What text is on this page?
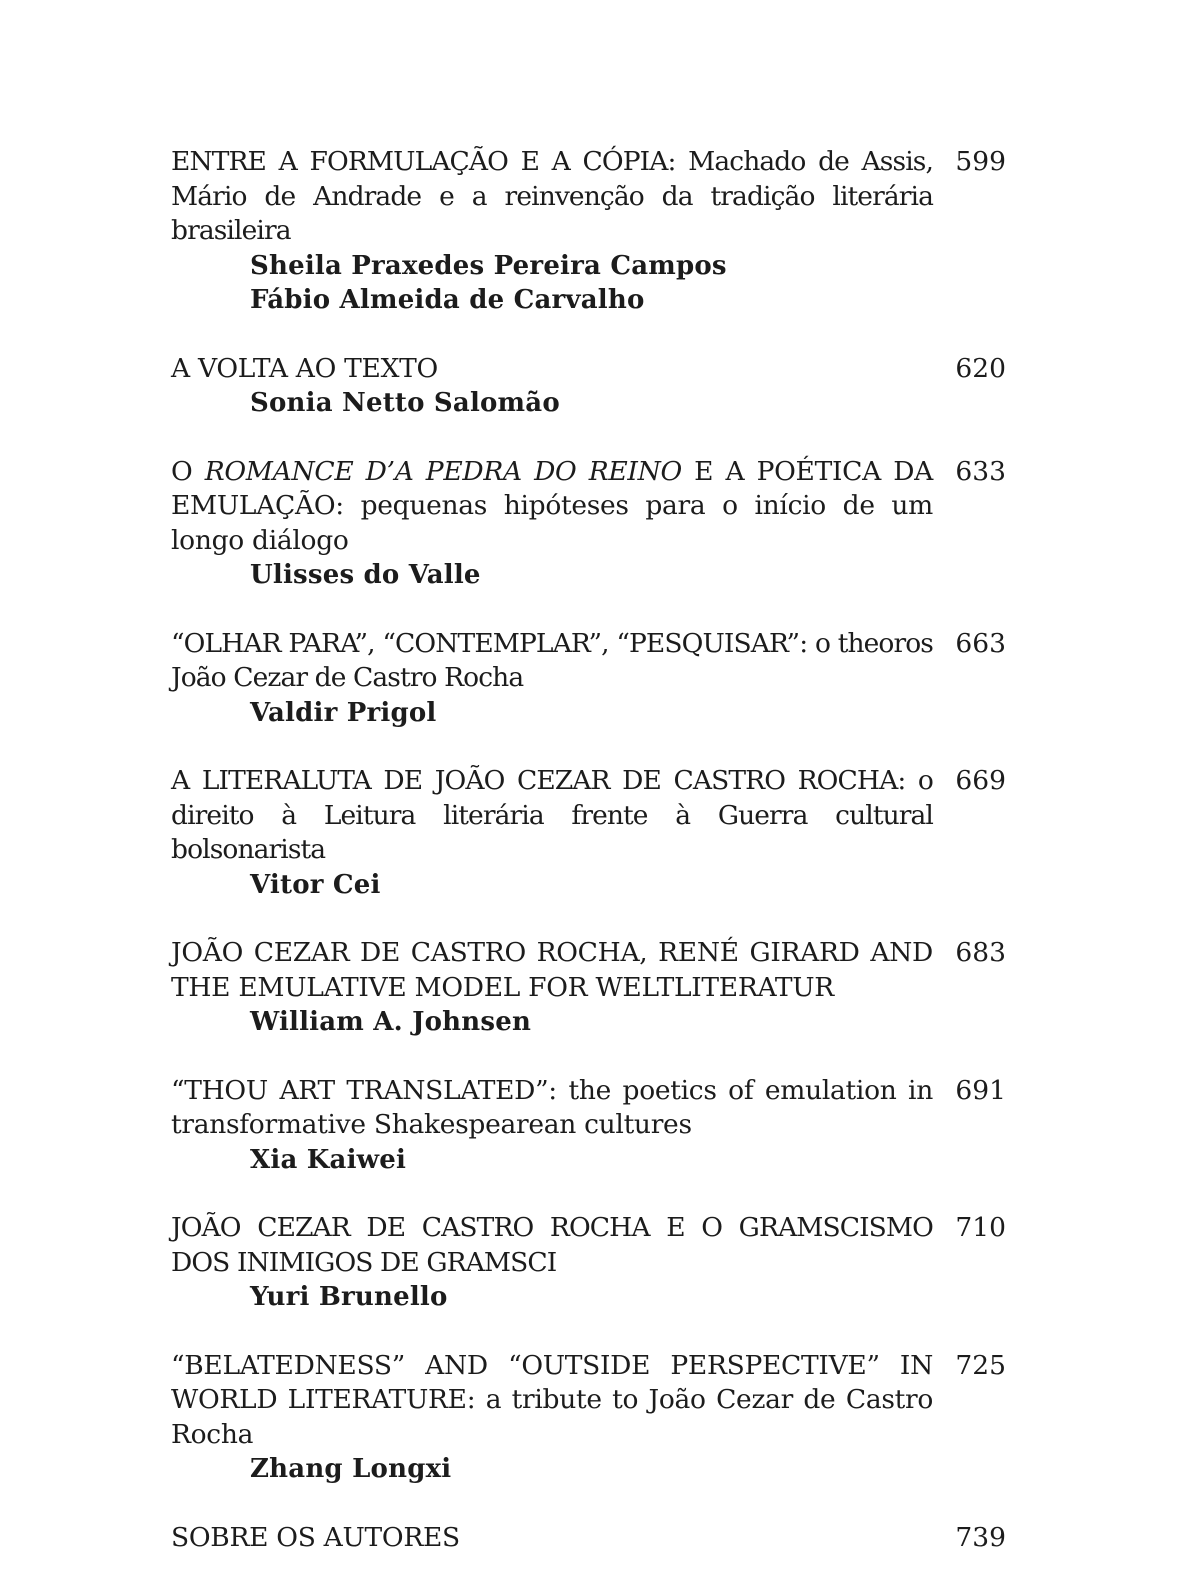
ENTRE A FORMULAÇÃO E A CÓPIA: Machado de Assis, Mário de Andrade e a reinvenção da tradição literária brasileira
599
Sheila Praxedes Pereira Campos
Fábio Almeida de Carvalho
A VOLTA AO TEXTO	620
Sonia Netto Salomão
O ROMANCE D’A PEDRA DO REINO E A POÉTICA DA EMULAÇÃO: pequenas hipóteses para o início de um longo diálogo
633
Ulisses do Valle
“OLHAR PARA”, “CONTEMPLAR”, “PESQUISAR”: o theoros João Cezar de Castro Rocha
663
Valdir Prigol
A LITERALUTA DE JOÃO CEZAR DE CASTRO ROCHA: o direito à Leitura literária frente à Guerra cultural bolsonarista
669
Vitor Cei
JOÃO CEZAR DE CASTRO ROCHA, RENÉ GIRARD AND THE EMULATIVE MODEL FOR WELTLITERATUR
683
William A. Johnsen
“THOU ART TRANSLATED”: the poetics of emulation in transformative Shakespearean cultures
691
Xia Kaiwei
JOÃO CEZAR DE CASTRO ROCHA E O GRAMSCISMO DOS INIMIGOS DE GRAMSCI
710
Yuri Brunello
“BELATEDNESS” AND “OUTSIDE PERSPECTIVE” IN WORLD LITERATURE: a tribute to João Cezar de Castro Rocha
725
Zhang Longxi
SOBRE OS AUTORES	739
